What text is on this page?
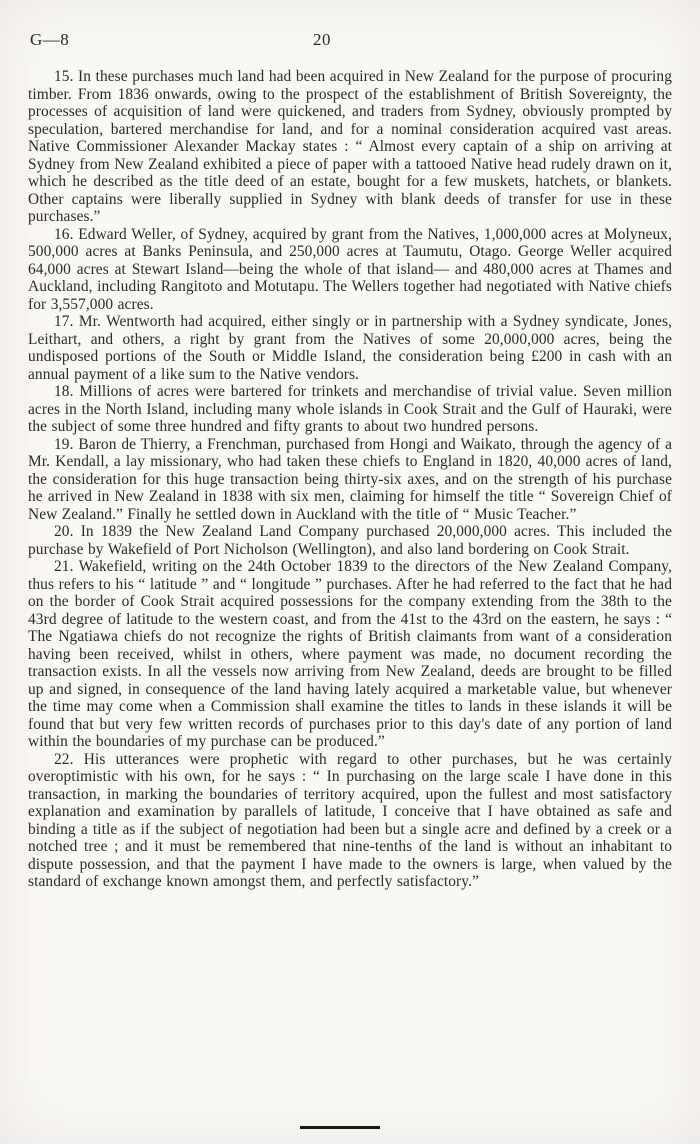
G—8	20

15. In these purchases much land had been acquired in New Zealand for the purpose of procuring timber. From 1836 onwards, owing to the prospect of the establishment of British Sovereignty, the processes of acquisition of land were quickened, and traders from Sydney, obviously prompted by speculation, bartered merchandise for land, and for a nominal consideration acquired vast areas. Native Commissioner Alexander Mackay states : “ Almost every captain of a ship on arriving at Sydney from New Zealand exhibited a piece of paper with a tattooed Native head rudely drawn on it, which he described as the title deed of an estate, bought for a few muskets, hatchets, or blankets. Other captains were liberally supplied in Sydney with blank deeds of transfer for use in these purchases.”

16. Edward Weller, of Sydney, acquired by grant from the Natives, 1,000,000 acres at Molyneux, 500,000 acres at Banks Peninsula, and 250,000 acres at Taumutu, Otago. George Weller acquired 64,000 acres at Stewart Island—being the whole of that island— and 480,000 acres at Thames and Auckland, including Rangitoto and Motutapu. The Wellers together had negotiated with Native chiefs for 3,557,000 acres.

17. Mr. Wentworth had acquired, either singly or in partnership with a Sydney syndicate, Jones, Leithart, and others, a right by grant from the Natives of some 20,000,000 acres, being the undisposed portions of the South or Middle Island, the consideration being £200 in cash with an annual payment of a like sum to the Native vendors.

18. Millions of acres were bartered for trinkets and merchandise of trivial value. Seven million acres in the North Island, including many whole islands in Cook Strait and the Gulf of Hauraki, were the subject of some three hundred and fifty grants to about two hundred persons.

19. Baron de Thierry, a Frenchman, purchased from Hongi and Waikato, through the agency of a Mr. Kendall, a lay missionary, who had taken these chiefs to England in 1820, 40,000 acres of land, the consideration for this huge transaction being thirty-six axes, and on the strength of his purchase he arrived in New Zealand in 1838 with six men, claiming for himself the title “ Sovereign Chief of New Zealand.” Finally he settled down in Auckland with the title of “ Music Teacher.”

20. In 1839 the New Zealand Land Company purchased 20,000,000 acres. This included the purchase by Wakefield of Port Nicholson (Wellington), and also land bordering on Cook Strait.

21. Wakefield, writing on the 24th October 1839 to the directors of the New Zealand Company, thus refers to his “ latitude ” and “ longitude ” purchases. After he had referred to the fact that he had on the border of Cook Strait acquired possessions for the company extending from the 38th to the 43rd degree of latitude to the western coast, and from the 41st to the 43rd on the eastern, he says : “ The Ngatiawa chiefs do not recognize the rights of British claimants from want of a consideration having been received, whilst in others, where payment was made, no document recording the transaction exists. In all the vessels now arriving from New Zealand, deeds are brought to be filled up and signed, in consequence of the land having lately acquired a marketable value, but whenever the time may come when a Commission shall examine the titles to lands in these islands it will be found that but very few written records of purchases prior to this day's date of any portion of land within the boundaries of my purchase can be produced.”

22. His utterances were prophetic with regard to other purchases, but he was certainly overoptimistic with his own, for he says : “ In purchasing on the large scale I have done in this transaction, in marking the boundaries of territory acquired, upon the fullest and most satisfactory explanation and examination by parallels of latitude, I conceive that I have obtained as safe and binding a title as if the subject of negotiation had been but a single acre and defined by a creek or a notched tree ; and it must be remembered that nine-tenths of the land is without an inhabitant to dispute possession, and that the payment I have made to the owners is large, when valued by the standard of exchange known amongst them, and perfectly satisfactory.”
